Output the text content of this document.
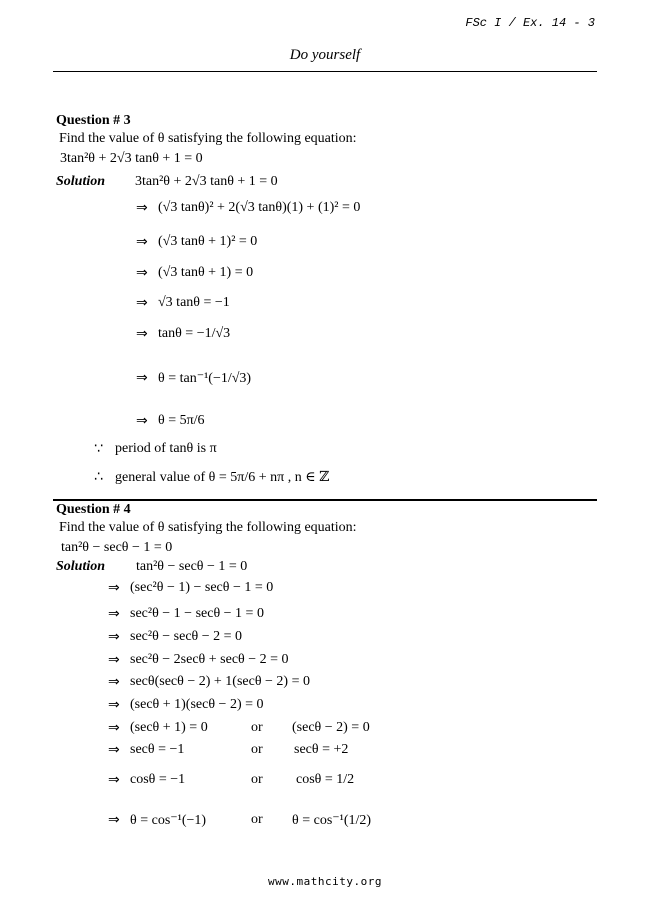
FSc I / Ex. 14 - 3
Do yourself
Question # 3
Find the value of θ satisfying the following equation:
3tan²θ + 2√3 tanθ + 1 = 0
Solution 3tan²θ + 2√3 tanθ + 1 = 0
⇒ (√3 tanθ)² + 2(√3 tanθ)(1) + (1)² = 0
⇒ (√3 tanθ + 1)² = 0
⇒ (√3 tanθ + 1) = 0
⇒ √3 tanθ = −1
⇒ tanθ = −1/√3
⇒ θ = tan⁻¹(−1/√3)
⇒ θ = 5π/6
∵ period of tanθ is π
∴ general value of θ = 5π/6 + nπ , n ∈ ℤ
Question # 4
Find the value of θ satisfying the following equation:
tan²θ − secθ − 1 = 0
Solution tan²θ − secθ − 1 = 0
⇒ (sec²θ − 1) − secθ − 1 = 0
⇒ sec²θ − 1 − secθ − 1 = 0
⇒ sec²θ − secθ − 2 = 0
⇒ sec²θ − 2secθ + secθ − 2 = 0
⇒ secθ(secθ − 2) + 1(secθ − 2) = 0
⇒ (secθ + 1)(secθ − 2) = 0
⇒ (secθ + 1) = 0	or (secθ − 2) = 0
⇒ secθ = −1	or secθ = +2
⇒ cosθ = −1	or cosθ = 1/2
⇒ θ = cos⁻¹(−1)	or θ = cos⁻¹(1/2)
www.mathcity.org
